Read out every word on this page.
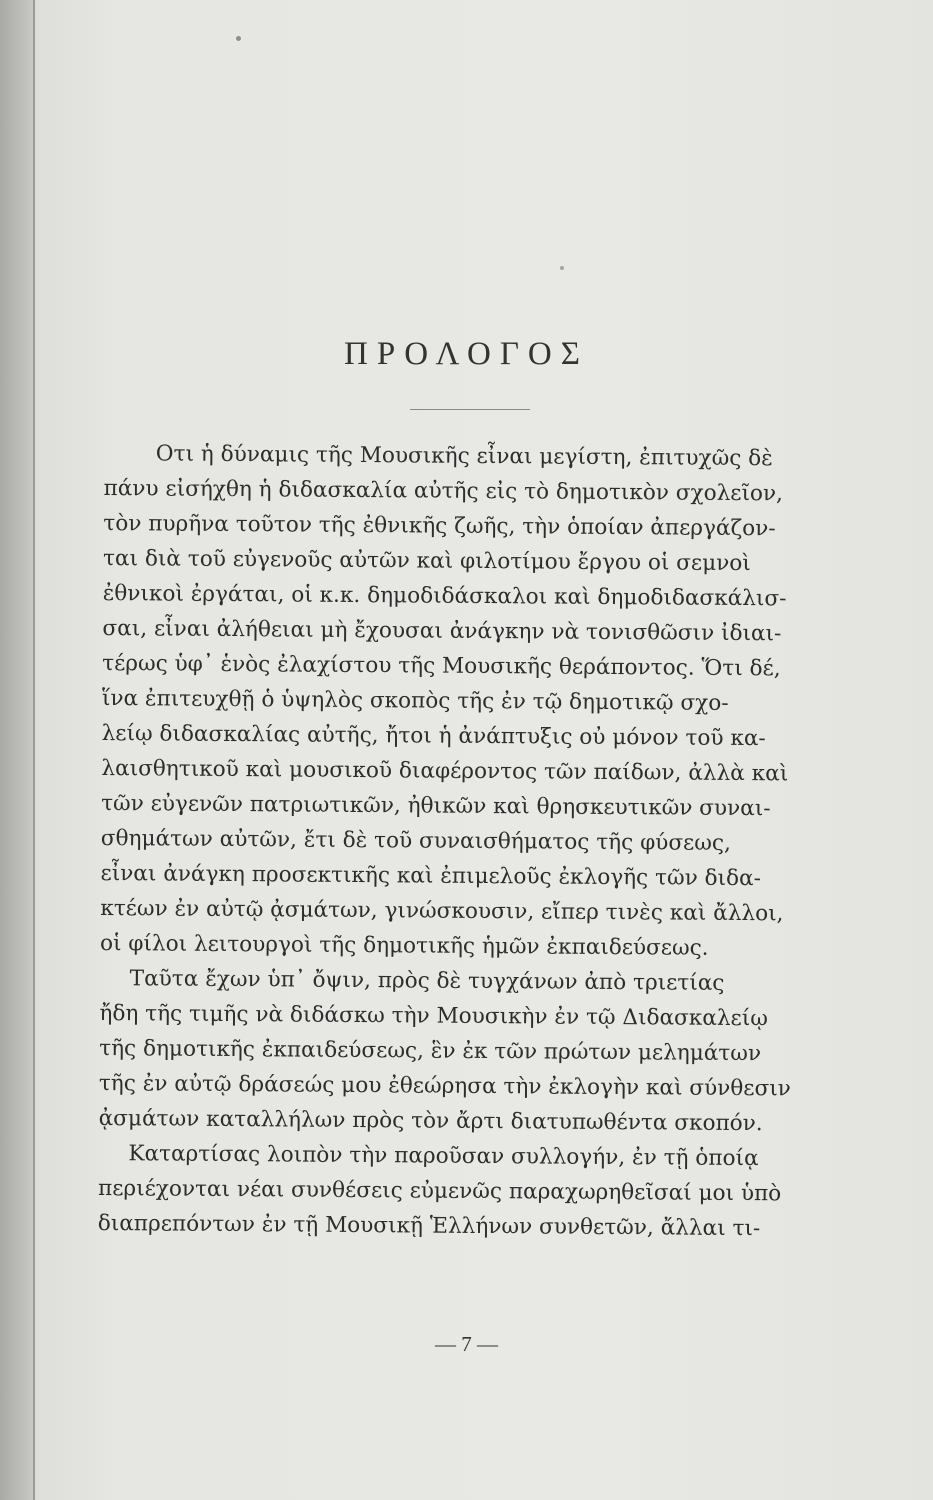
ΠΡΟΛΟΓΟΣ
Οτι ἡ δύναμις τῆς Μουσικῆς εἶναι μεγίστη, ἐπιτυχῶς δὲ
πάνυ εἰσήχθη ἡ διδασκαλία αὐτῆς εἰς τὸ δημοτικὸν σχολεῖον,
τὸν πυρῆνα τοῦτον τῆς ἐθνικῆς ζωῆς, τὴν ὁποίαν ἀπεργάζον-
ται διὰ τοῦ εὐγενοῦς αὐτῶν καὶ φιλοτίμου ἔργου οἱ σεμνοὶ
ἐθνικοὶ ἐργάται, οἱ κ.κ. δημοδιδάσκαλοι καὶ δημοδιδασκάλισ-
σαι, εἶναι ἀλήθειαι μὴ ἔχουσαι ἀνάγκην νὰ τονισθῶσιν ἰδιαι-
τέρως ὑφ᾽ ἑνὸς ἐλαχίστου τῆς Μουσικῆς θεράποντος. Ὅτι δέ,
ἵνα ἐπιτευχθῇ ὁ ὑψηλὸς σκοπὸς τῆς ἐν τῷ δημοτικῷ σχο-
λείῳ διδασκαλίας αὐτῆς, ἤτοι ἡ ἀνάπτυξις οὐ μόνον τοῦ κα-
λαισθητικοῦ καὶ μουσικοῦ διαφέροντος τῶν παίδων, ἀλλὰ καὶ
τῶν εὐγενῶν πατριωτικῶν, ἠθικῶν καὶ θρησκευτικῶν συναι-
σθημάτων αὐτῶν, ἔτι δὲ τοῦ συναισθήματος τῆς φύσεως,
εἶναι ἀνάγκη προσεκτικῆς καὶ ἐπιμελοῦς ἐκλογῆς τῶν διδα-
κτέων ἐν αὐτῷ ᾀσμάτων, γινώσκουσιν, εἴπερ τινὲς καὶ ἄλλοι,
οἱ φίλοι λειτουργοὶ τῆς δημοτικῆς ἡμῶν ἐκπαιδεύσεως.
Ταῦτα ἔχων ὑπ᾽ ὄψιν, πρὸς δὲ τυγχάνων ἀπὸ τριετίας
ἤδη τῆς τιμῆς νὰ διδάσκω τὴν Μουσικὴν ἐν τῷ Διδασκαλείῳ
τῆς δημοτικῆς ἐκπαιδεύσεως, ἓν ἐκ τῶν πρώτων μελημάτων
τῆς ἐν αὐτῷ δράσεώς μου ἐθεώρησα τὴν ἐκλογὴν καὶ σύνθεσιν
ᾀσμάτων καταλλήλων πρὸς τὸν ἄρτι διατυπωθέντα σκοπόν.
Καταρτίσας λοιπὸν τὴν παροῦσαν συλλογήν, ἐν τῇ ὁποίᾳ
περιέχονται νέαι συνθέσεις εὐμενῶς παραχωρηθεῖσαί μοι ὑπὸ
διαπρεπόντων ἐν τῇ Μουσικῇ Ἑλλήνων συνθετῶν, ἄλλαι τι-
— 7 —
